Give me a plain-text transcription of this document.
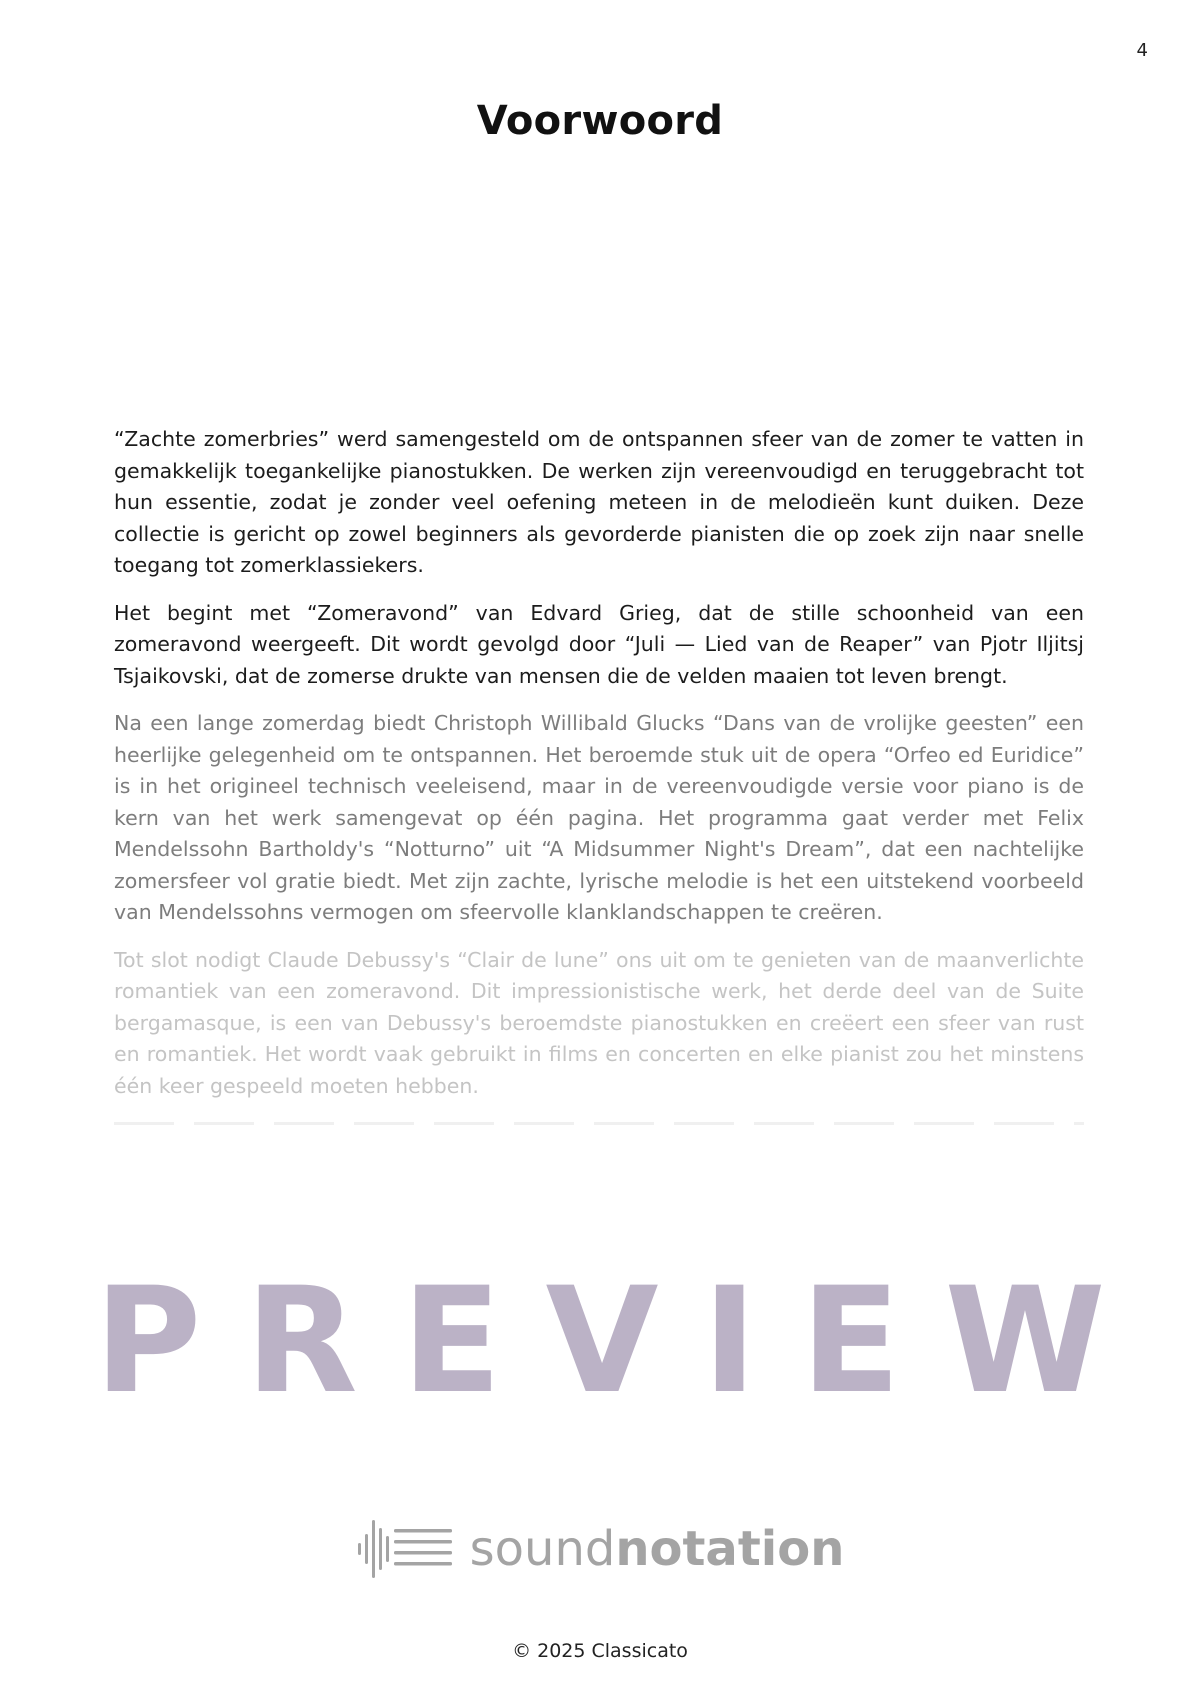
4
Voorwoord

“Zachte zomerbries” werd samengesteld om de ontspannen sfeer van de zomer te vatten in gemakkelijk toegankelijke pianostukken. De werken zijn vereenvoudigd en teruggebracht tot hun essentie, zodat je zonder veel oefening meteen in de melodieën kunt duiken. Deze collectie is gericht op zowel beginners als gevorderde pianisten die op zoek zijn naar snelle toegang tot zomerklassiekers.

Het begint met “Zomeravond” van Edvard Grieg, dat de stille schoonheid van een zomeravond weergeeft. Dit wordt gevolgd door “Juli — Lied van de Reaper” van Pjotr Iljitsj Tsjaikovski, dat de zomerse drukte van mensen die de velden maaien tot leven brengt.

Na een lange zomerdag biedt Christoph Willibald Glucks “Dans van de vrolijke geesten” een heerlijke gelegenheid om te ontspannen. Het beroemde stuk uit de opera “Orfeo ed Euridice” is in het origineel technisch veeleisend, maar in de vereenvoudigde versie voor piano is de kern van het werk samengevat op één pagina. Het programma gaat verder met Felix Mendelssohn Bartholdy's “Notturno” uit “A Midsummer Night's Dream”, dat een nachtelijke zomersfeer vol gratie biedt. Met zijn zachte, lyrische melodie is het een uitstekend voorbeeld van Mendelssohns vermogen om sfeervolle klanklandschappen te creëren.

Tot slot nodigt Claude Debussy's “Clair de lune” ons uit om te genieten van de maanverlichte romantiek van een zomeravond. Dit impressionistische werk, het derde deel van de Suite bergamasque, is een van Debussy's beroemdste pianostukken en creëert een sfeer van rust en romantiek. Het wordt vaak gebruikt in films en concerten en elke pianist zou het minstens één keer gespeeld moeten hebben.

PREVIEW
soundnotation
© 2025 Classicato
